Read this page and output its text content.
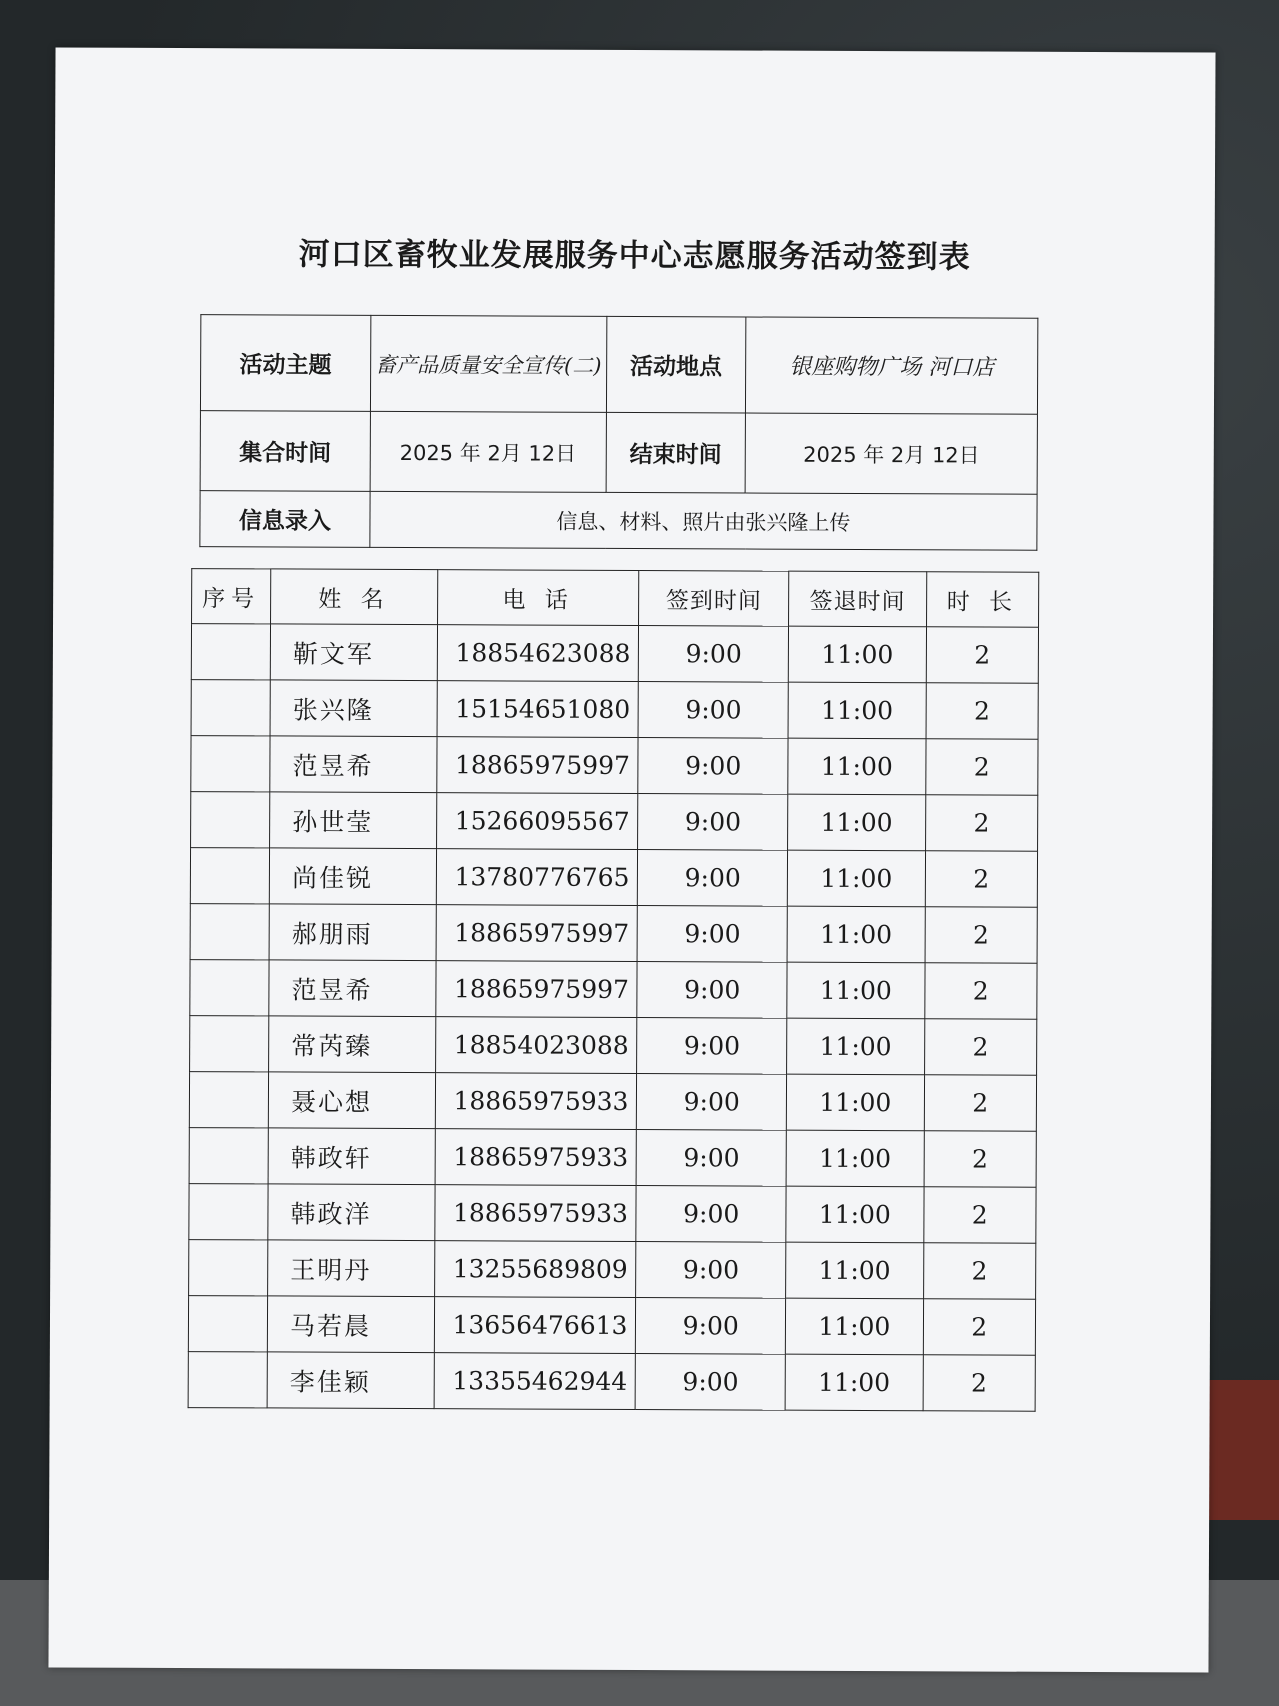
河口区畜牧业发展服务中心志愿服务活动签到表
活动主题	畜产品质量安全宣传(二)	活动地点	银座购物广场 河口店
集合时间	2025 年 2月 12日	结束时间	2025 年 2月 12日
信息录入	信息、材料、照片由张兴隆上传		
序号	姓 名	电 话	签到时间	签退时间	时 长
	靳文军	18854623088	9:00	11:00	2
	张兴隆	15154651080	9:00	11:00	2
	范昱希	18865975997	9:00	11:00	2
	孙世莹	15266095567	9:00	11:00	2
	尚佳锐	13780776765	9:00	11:00	2
	郝朋雨	18865975997	9:00	11:00	2
	范昱希	18865975997	9:00	11:00	2
	常芮臻	18854023088	9:00	11:00	2
	聂心想	18865975933	9:00	11:00	2
	韩政轩	18865975933	9:00	11:00	2
	韩政洋	18865975933	9:00	11:00	2
	王明丹	13255689809	9:00	11:00	2
	马若晨	13656476613	9:00	11:00	2
	李佳颖	13355462944	9:00	11:00	2
